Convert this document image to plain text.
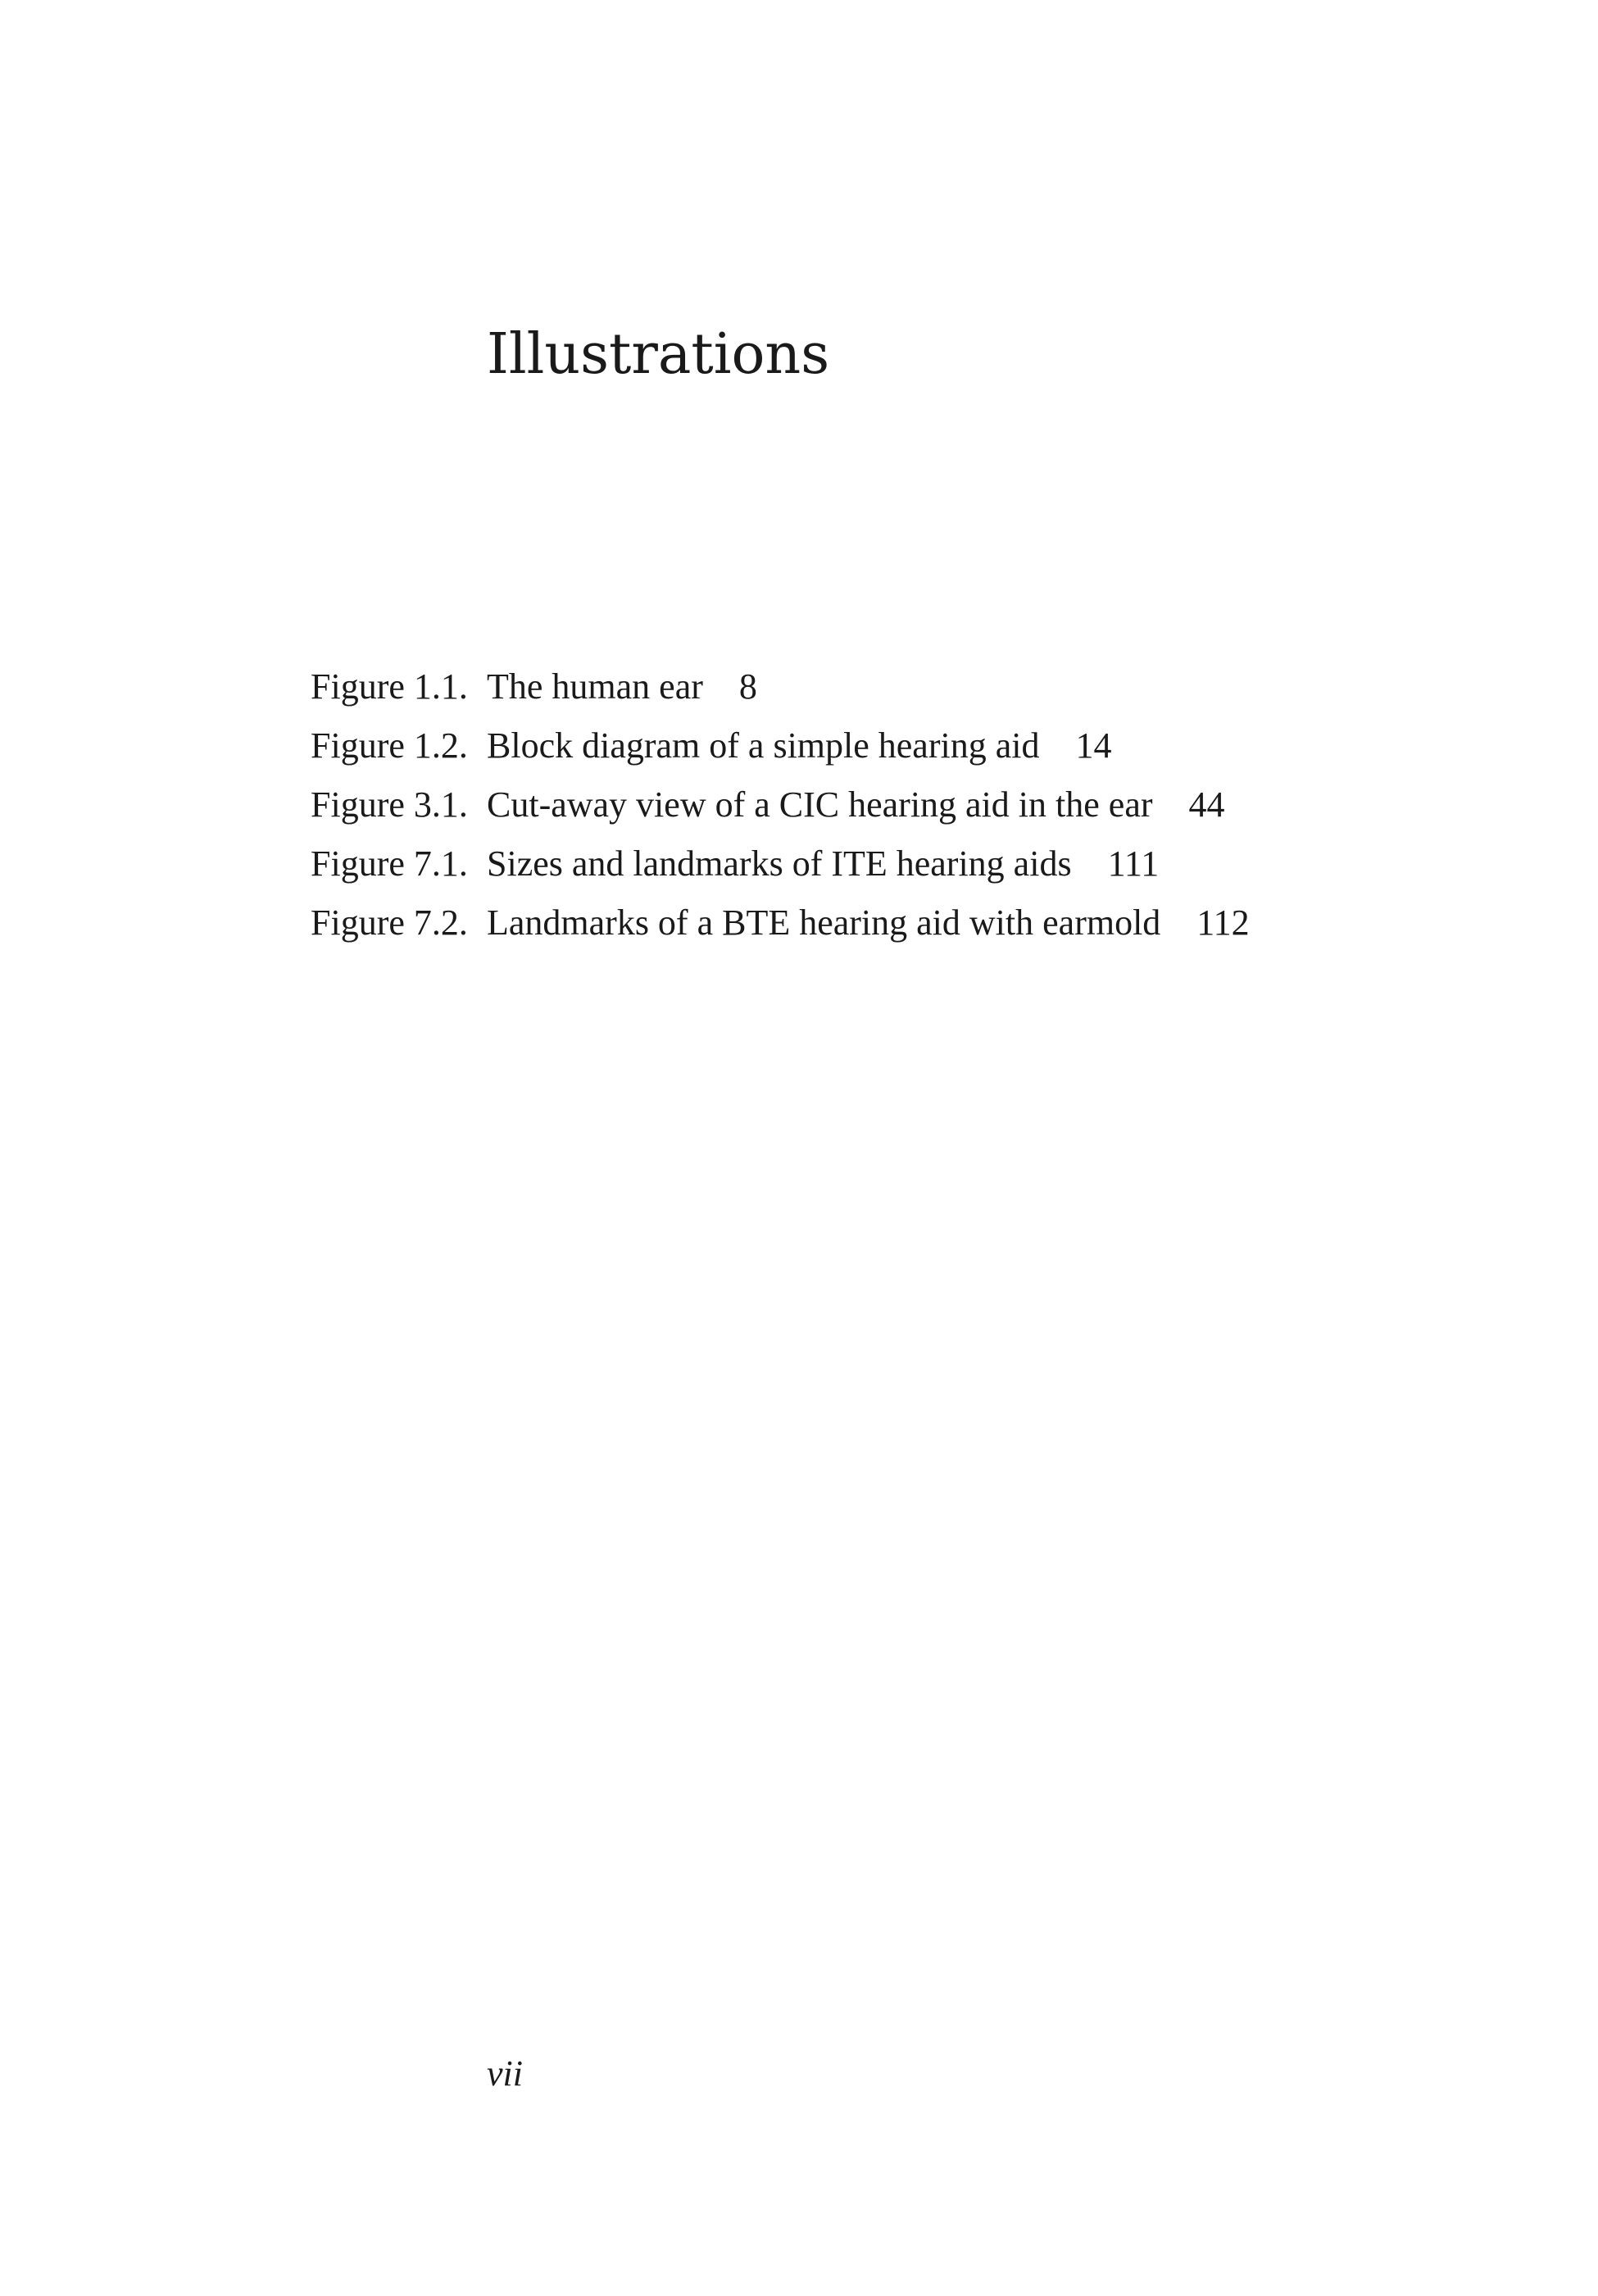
Illustrations
Figure 1.1. The human ear 8
Figure 1.2. Block diagram of a simple hearing aid 14
Figure 3.1. Cut-away view of a CIC hearing aid in the ear 44
Figure 7.1. Sizes and landmarks of ITE hearing aids 111
Figure 7.2. Landmarks of a BTE hearing aid with earmold 112
vii
